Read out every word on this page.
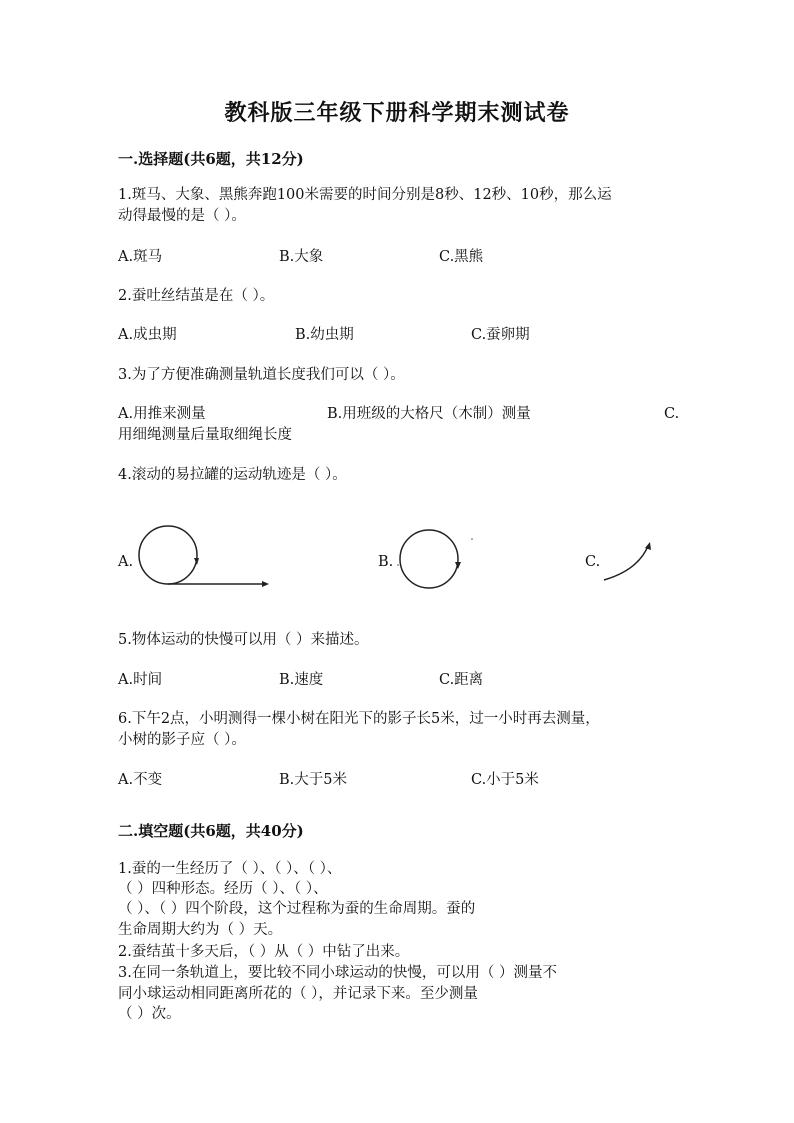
教科版三年级下册科学期末测试卷
一.选择题(共6题，共12分)
1.斑马、大象、黑熊奔跑100米需要的时间分别是8秒、12秒、10秒，那么运
动得最慢的是（ ）。
A.斑马	B.大象	C.黑熊
2.蚕吐丝结茧是在（ ）。
A.成虫期	B.幼虫期	C.蚕卵期
3.为了方便准确测量轨道长度我们可以（ ）。
A.用推来测量	B.用班级的大格尺（木制）测量	C.
用细绳测量后量取细绳长度
4.滚动的易拉罐的运动轨迹是（ ）。
A.	B.	C.
5.物体运动的快慢可以用（ ）来描述。
A.时间	B.速度	C.距离
6.下午2点，小明测得一棵小树在阳光下的影子长5米，过一小时再去测量，
小树的影子应（ ）。
A.不变	B.大于5米	C.小于5米
二.填空题(共6题，共40分)
1.蚕的一生经历了（ ）、（ ）、（ ）、
（ ）四种形态。经历（ ）、（ ）、
（ ）、（ ）四个阶段，这个过程称为蚕的生命周期。蚕的
生命周期大约为（ ）天。
2.蚕结茧十多天后，（ ）从（ ）中钻了出来。
3.在同一条轨道上，要比较不同小球运动的快慢，可以用（ ）测量不
同小球运动相同距离所花的（ ），并记录下来。至少测量
（ ）次。
